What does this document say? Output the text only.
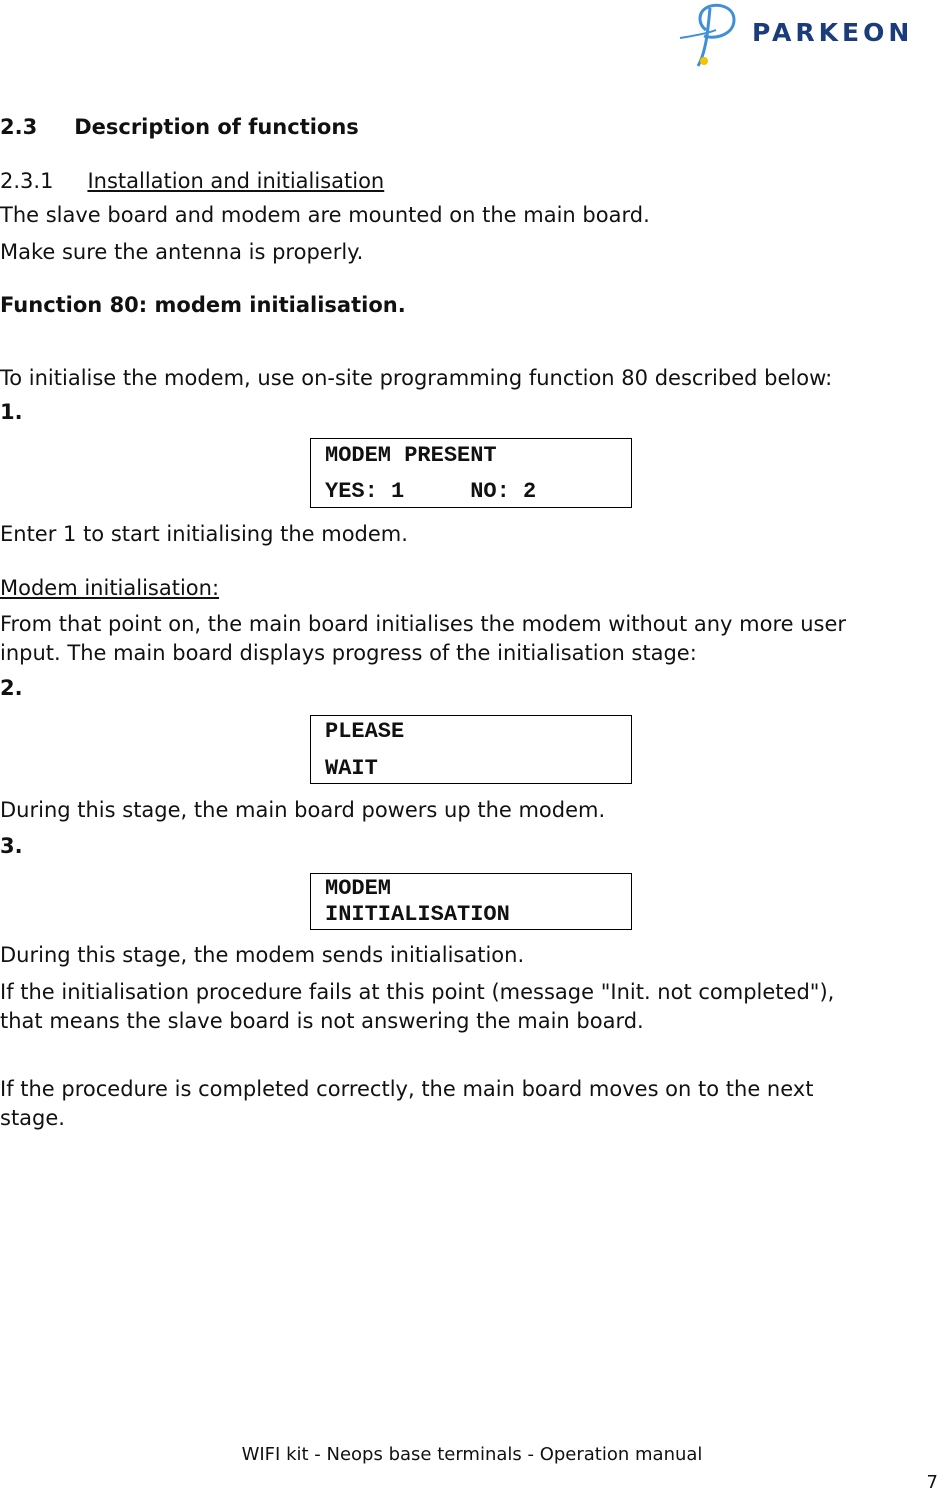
PARKEON
2.3 Description of functions
2.3.1 Installation and initialisation
The slave board and modem are mounted on the main board.
Make sure the antenna is properly.
Function 80: modem initialisation.
To initialise the modem, use on-site programming function 80 described below:
1.
MODEM PRESENT
YES: 1     NO: 2
Enter 1 to start initialising the modem.
Modem initialisation:
From that point on, the main board initialises the modem without any more user
input. The main board displays progress of the initialisation stage:
2.
PLEASE
WAIT
During this stage, the main board powers up the modem.
3.
MODEM
INITIALISATION
During this stage, the modem sends initialisation.
If the initialisation procedure fails at this point (message "Init. not completed"),
that means the slave board is not answering the main board.
If the procedure is completed correctly, the main board moves on to the next
stage.
WIFI kit - Neops base terminals - Operation manual
7
